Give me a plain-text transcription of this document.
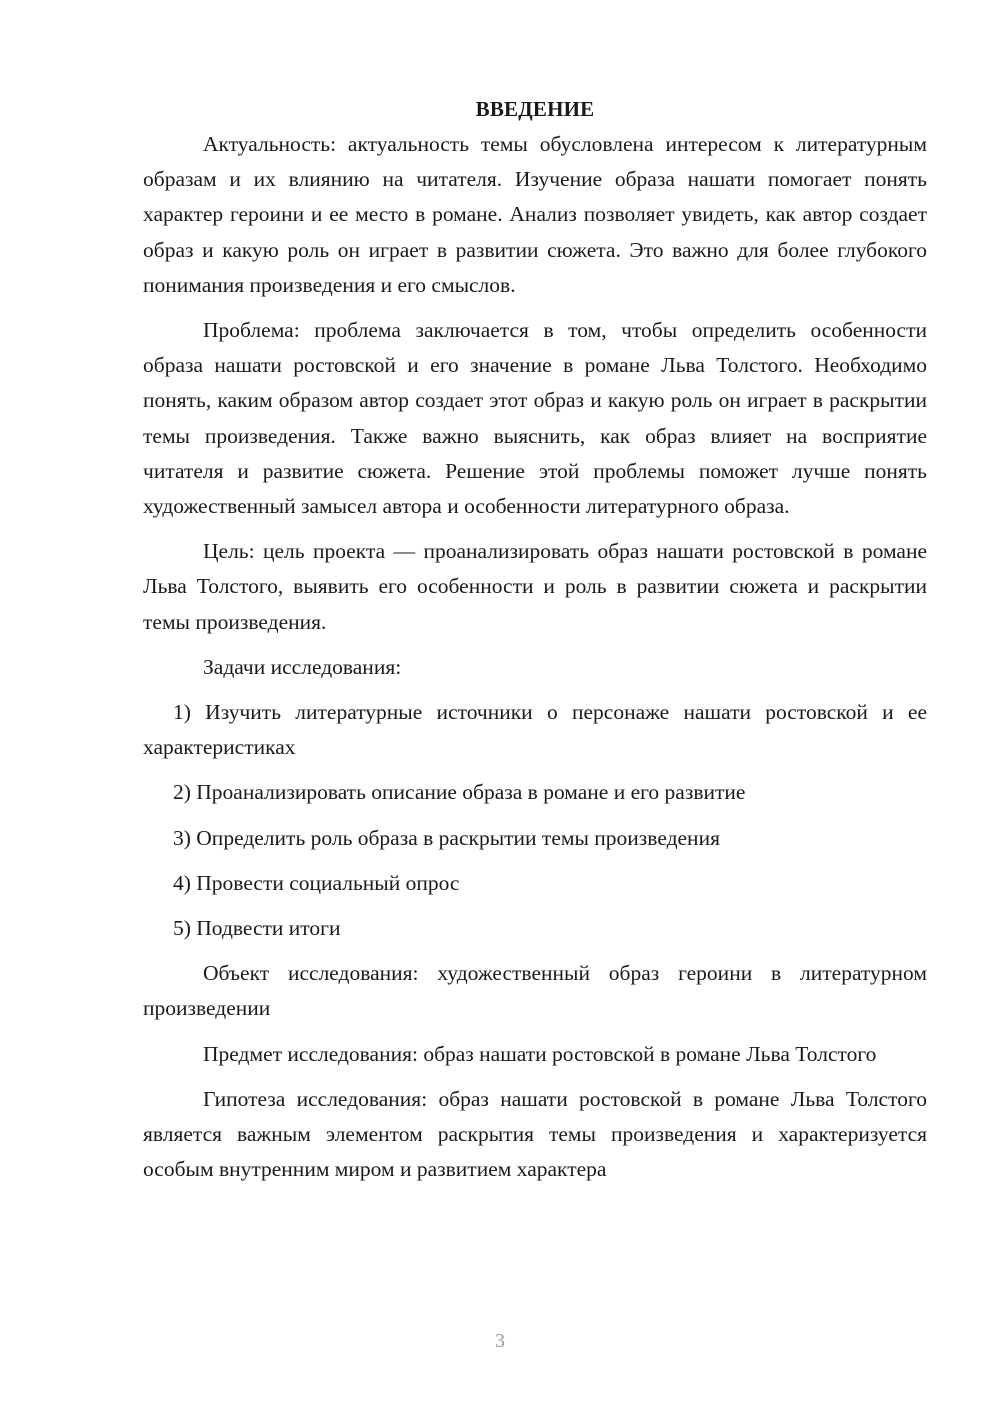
ВВЕДЕНИЕ

Актуальность: актуальность темы обусловлена интересом к литературным образам и их влиянию на читателя. Изучение образа нашати помогает понять характер героини и ее место в романе. Анализ позволяет увидеть, как автор создает образ и какую роль он играет в развитии сюжета. Это важно для более глубокого понимания произведения и его смыслов.

Проблема: проблема заключается в том, чтобы определить особенности образа нашати ростовской и его значение в романе Льва Толстого. Необходимо понять, каким образом автор создает этот образ и какую роль он играет в раскрытии темы произведения. Также важно выяснить, как образ влияет на восприятие читателя и развитие сюжета. Решение этой проблемы поможет лучше понять художественный замысел автора и особенности литературного образа.

Цель: цель проекта — проанализировать образ нашати ростовской в романе Льва Толстого, выявить его особенности и роль в развитии сюжета и раскрытии темы произведения.

Задачи исследования:

1) Изучить литературные источники о персонаже нашати ростовской и ее характеристиках

2) Проанализировать описание образа в романе и его развитие

3) Определить роль образа в раскрытии темы произведения

4) Провести социальный опрос

5) Подвести итоги

Объект исследования: художественный образ героини в литературном произведении

Предмет исследования: образ нашати ростовской в романе Льва Толстого

Гипотеза исследования: образ нашати ростовской в романе Льва Толстого является важным элементом раскрытия темы произведения и характеризуется особым внутренним миром и развитием характера

3
